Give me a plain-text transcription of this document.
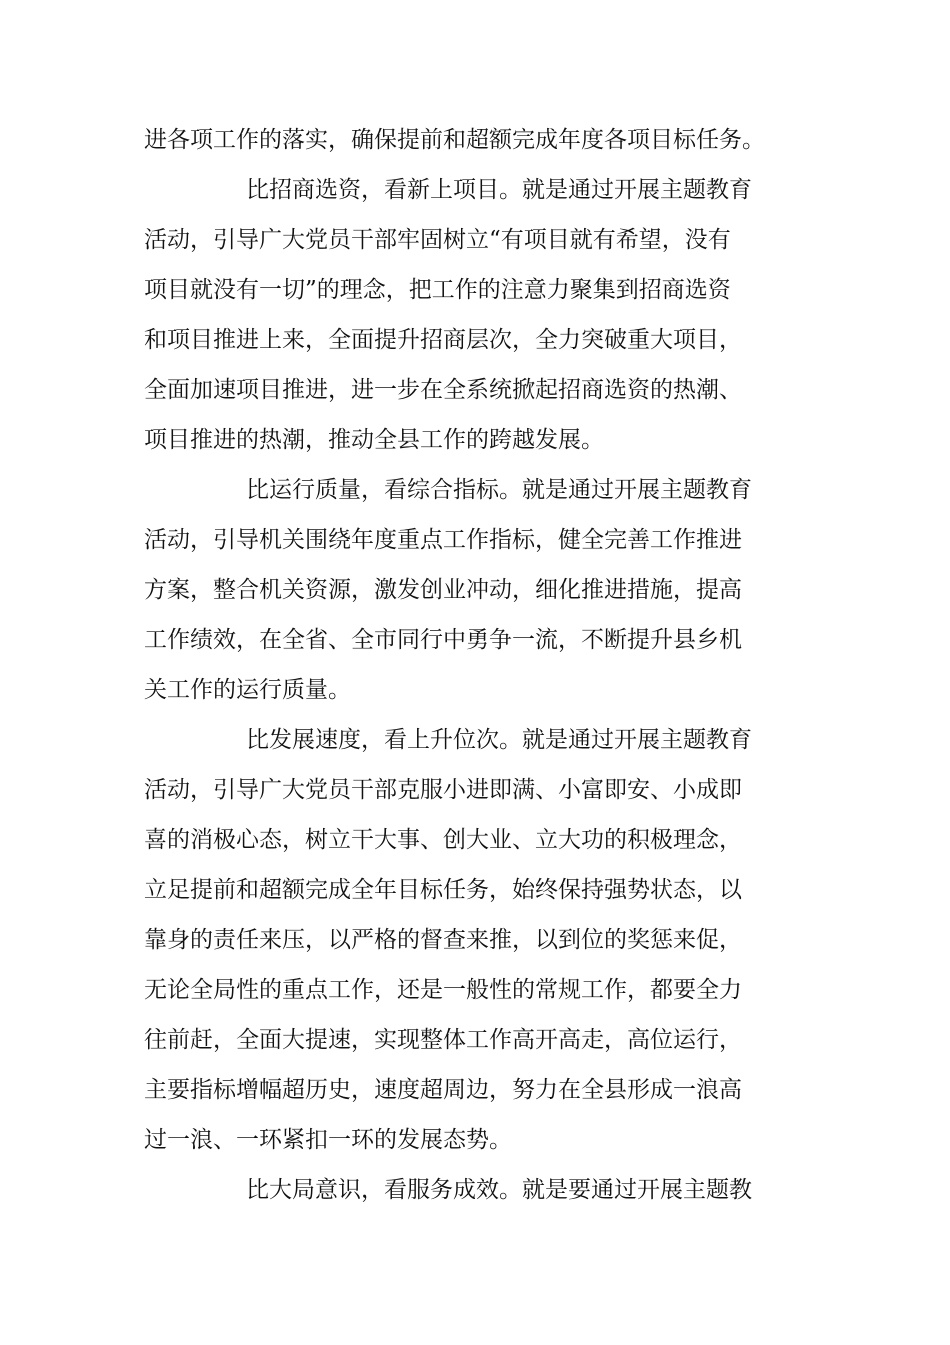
进各项工作的落实，确保提前和超额完成年度各项目标任务。
比招商选资，看新上项目。就是通过开展主题教育
活动，引导广大党员干部牢固树立“有项目就有希望，没有
项目就没有一切”的理念，把工作的注意力聚集到招商选资
和项目推进上来，全面提升招商层次，全力突破重大项目，
全面加速项目推进，进一步在全系统掀起招商选资的热潮、
项目推进的热潮，推动全县工作的跨越发展。
比运行质量，看综合指标。就是通过开展主题教育
活动，引导机关围绕年度重点工作指标，健全完善工作推进
方案，整合机关资源，激发创业冲动，细化推进措施，提高
工作绩效，在全省、全市同行中勇争一流，不断提升县乡机
关工作的运行质量。
比发展速度，看上升位次。就是通过开展主题教育
活动，引导广大党员干部克服小进即满、小富即安、小成即
喜的消极心态，树立干大事、创大业、立大功的积极理念，
立足提前和超额完成全年目标任务，始终保持强势状态，以
靠身的责任来压，以严格的督查来推，以到位的奖惩来促，
无论全局性的重点工作，还是一般性的常规工作，都要全力
往前赶，全面大提速，实现整体工作高开高走，高位运行，
主要指标增幅超历史，速度超周边，努力在全县形成一浪高
过一浪、一环紧扣一环的发展态势。
比大局意识，看服务成效。就是要通过开展主题教
